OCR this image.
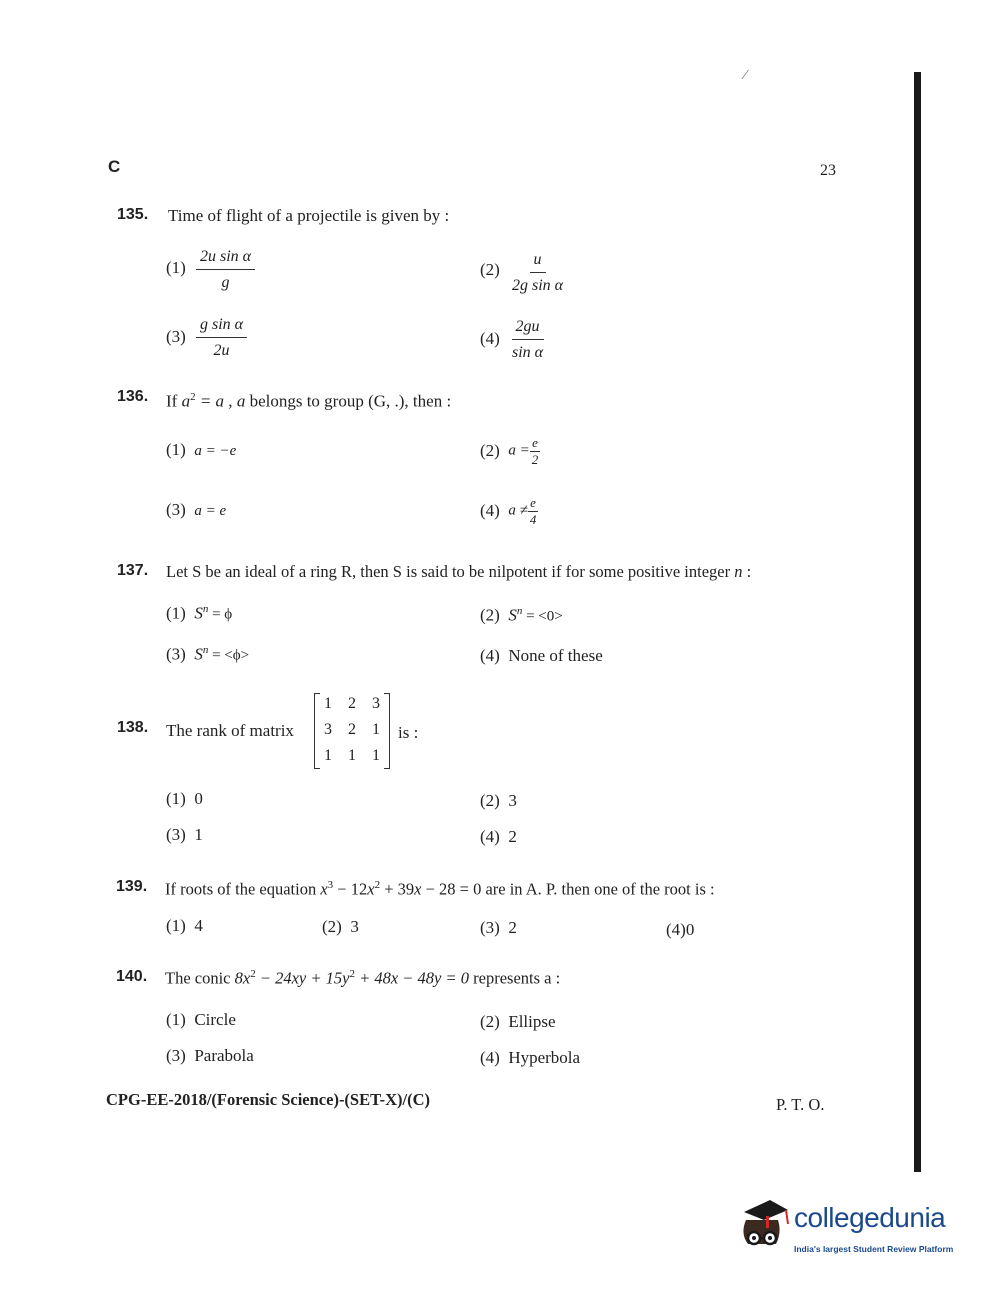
C	23
⁄
135. Time of flight of a projectile is given by :
$(1) \frac{\text{2u sin α}}{g}$	$(2) \frac{u}{\text{2g sin α}}$
$(3) \frac{\text{g sin α}}{2u}$	$(4) \frac{2gu}{\text{sin α}}$
136. If $a^2 = a$ , a belongs to group (G, .), then :
(1) a = −e	(2) $a = \frac{e}{2}$
(3) a = e	(4) $a \ne \frac{e}{4}$
137. Let S be an ideal of a ring R, then S is said to be nilpotent if for some positive integer n :
(1) $S^n = \phi$	(2) $S^n = <0>$
(3) $S^n = <\phi>$	(4) None of these
138. The rank of matrix
1	2	3
3	2	1
1	1	1
is :
(1) 0	(2) 3
(3) 1	(4) 2
139. If roots of the equation $x^3 - 12x^2 + 39x - 28 = 0$ are in A. P. then one of the root is :
(1) 4	(2) 3	(3) 2	(4)0
140. The conic $8x^2 - 24xy + 15y^2 + 48x - 48y = 0$ represents a :
(1) Circle	(2) Ellipse
(3) Parabola	(4) Hyperbola
CPG-EE-2018/(Forensic Science)-(SET-X)/(C)	P. T. O.
collegedunia
India's largest Student Review Platform
